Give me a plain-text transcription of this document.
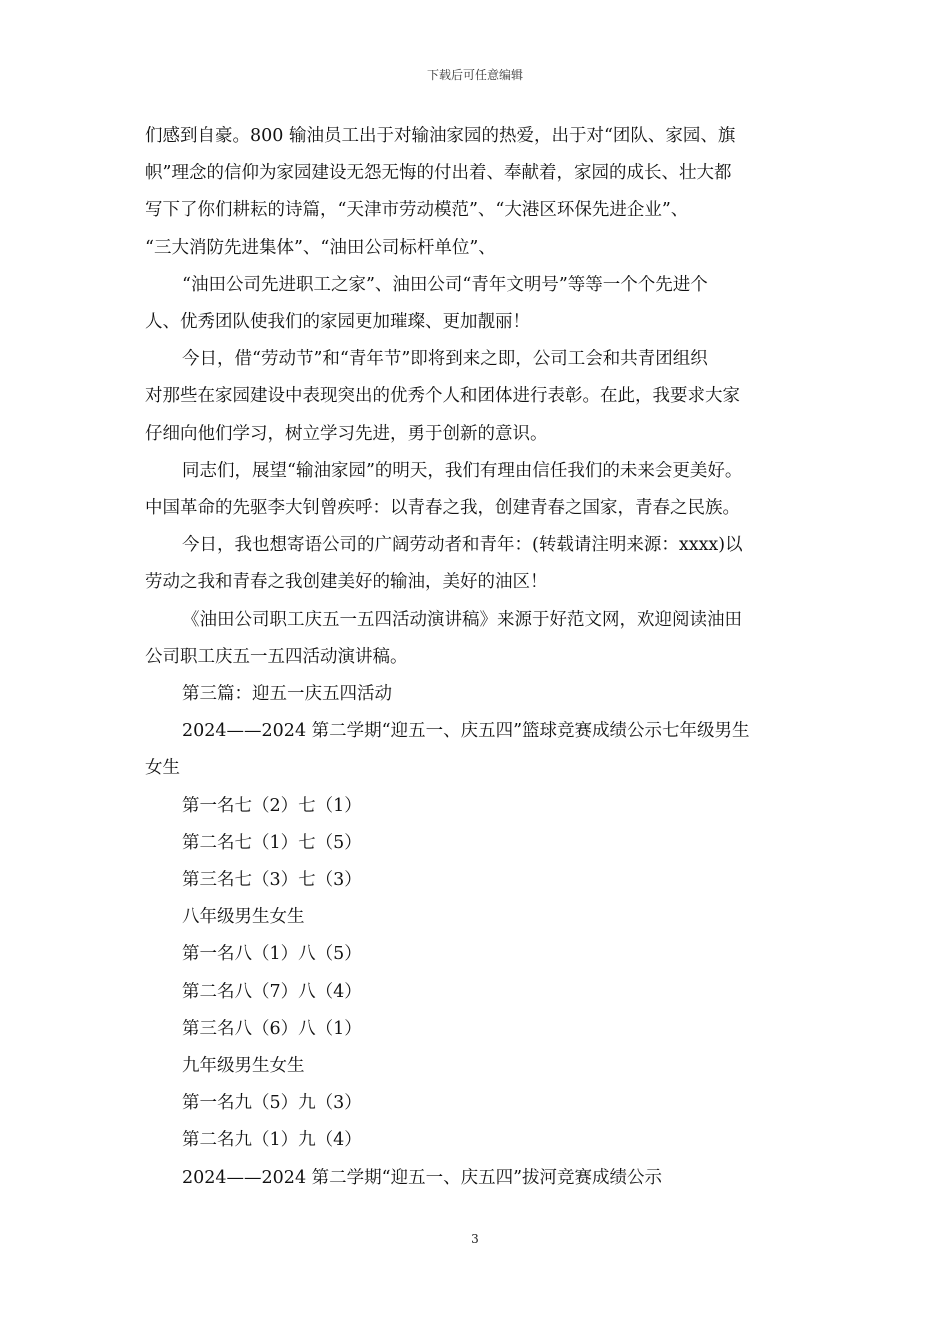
下载后可任意编辑

们感到自豪。800 输油员工出于对输油家园的热爱，出于对“团队、家园、旗

帜”理念的信仰为家园建设无怨无悔的付出着、奉献着，家园的成长、壮大都

写下了你们耕耘的诗篇，“天津市劳动模范”、“大港区环保先进企业”、

“三大消防先进集体”、“油田公司标杆单位”、

“油田公司先进职工之家”、油田公司“青年文明号”等等一个个先进个

人、优秀团队使我们的家园更加璀璨、更加靓丽！

今日，借“劳动节”和“青年节”即将到来之即，公司工会和共青团组织

对那些在家园建设中表现突出的优秀个人和团体进行表彰。在此，我要求大家

仔细向他们学习，树立学习先进，勇于创新的意识。

同志们，展望“输油家园”的明天，我们有理由信任我们的未来会更美好。

中国革命的先驱李大钊曾疾呼：以青春之我，创建青春之国家，青春之民族。

今日，我也想寄语公司的广阔劳动者和青年：(转载请注明来源：xxxx)以

劳动之我和青春之我创建美好的输油，美好的油区！

《油田公司职工庆五一五四活动演讲稿》来源于好范文网，欢迎阅读油田

公司职工庆五一五四活动演讲稿。

第三篇：迎五一庆五四活动

2024——2024 第二学期“迎五一、庆五四”篮球竞赛成绩公示七年级男生

女生

第一名七（2）七（1）

第二名七（1）七（5）

第三名七（3）七（3）

八年级男生女生

第一名八（1）八（5）

第二名八（7）八（4）

第三名八（6）八（1）

九年级男生女生

第一名九（5）九（3）

第二名九（1）九（4）

2024——2024 第二学期“迎五一、庆五四”拔河竞赛成绩公示

3
